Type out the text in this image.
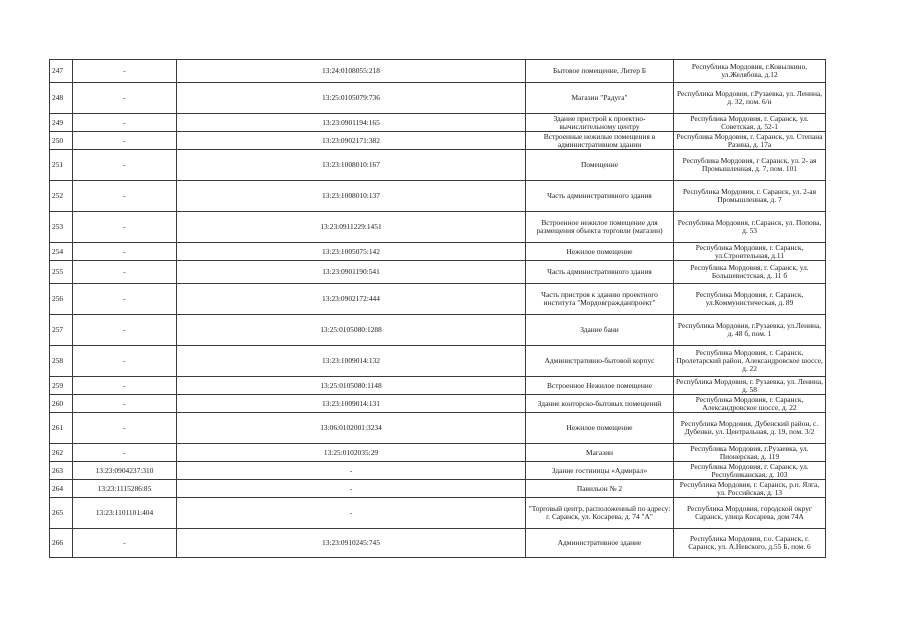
247	-	13:24:0108055:218	Бытовое помещение, Литер Б	Республика Мордовия, г.Ковылкино, ул.Желябова, д.12
248	-	13:25:0105079:736	Магазин "Радуга"	Республика Мордовия, г.Рузаевка, ул. Ленина, д. 32, пом. 6/н
249	-	13:23:0901194:165	Здание пристрой к проектно-вычислительному центру	Республика Мордовия, г. Саранск, ул. Советская, д. 52-1
250	-	13:23:0902171:382	Встроенные нежилые помещения в административном здании	Республика Мордовия, г. Саранск, ул. Степана Разина, д. 17а
251	-	13:23:1008010:167	Помещение	Республика Мордовия, г Саранск, ул. 2- ая Промышленная, д. 7, пом. 101
252	-	13:23:1008010:137	Часть административного здания	Республика Мордовия, г. Саранск, ул. 2-ая Промышленная, д. 7
253	-	13:23:0911229:1451	Встроенное нежилое помещение для размещения объекта торговли (магазин)	Республика Мордовия, г.Саранск, ул. Попова, д. 53
254	-	13:23:1005075:142	Нежилое помещение	Республика Мордовия, г. Саранск, ул.Строительная, д.11
255	-	13:23:0901190:541	Часть административного здания	Республика Мордовия, г. Саранск, ул. Большевистская, д. 11 б
256	-	13:23:0902172:444	Часть пристроя к зданию проектного института "Мордовгражданпроект"	Республика Мордовия, г. Саранск, ул.Коммунистическая, д. 89
257	-	13:25:0105080:1288	Здание бани	Республика Мордовия, г.Рузаевка, ул.Ленина, д. 48 б, пом. 1
258	-	13:23:1009014:132	Административно-бытовой корпус	Республика Мордовия, г. Саранск, Пролетарский район, Александровское шоссе, д. 22
259	-	13:25:0105080:1148	Встроенное Нежилое помещение	Республика Мордовия, г. Рузаевка, ул. Ленина, д. 58
260	-	13:23:1009014:131	Здание конторско-бытовых помещений	Республика Мордовия, г. Саранск, Александровское шоссе, д. 22
261	-	13:06:0102001:3234	Нежилое помещение	Республика Мордовия, Дубенский район, с. Дубенки, ул. Центральная, д. 19, пом. 3/2
262	-	13:25:0102035:29	Магазин	Республика Мордовия, г.Рузаевка, ул. Пионерская, д. 119
263	13:23:0904237:310	-	Здание гостиницы «Адмирал»	Республика Мордовия, г. Саранск, ул. Республиканская, д. 103
264	13:23:1115286:85	-	Павильон № 2	Республика Мордовия, г. Саранск, р.п. Ялга, ул. Российская, д. 13
265	13:23:1101101:404	-	"Торговый центр, расположенный по адресу: г. Саранск, ул. Косарева, д. 74 "А"	Республика Мордовия, городской округ Саранск, улица Косарева, дом 74А
266	-	13:23:0910245:745	Административное здание	Республика Мордовия, г.о. Саранск, г. Саранск, ул. А.Невского, д.55 Б, пом. 6
